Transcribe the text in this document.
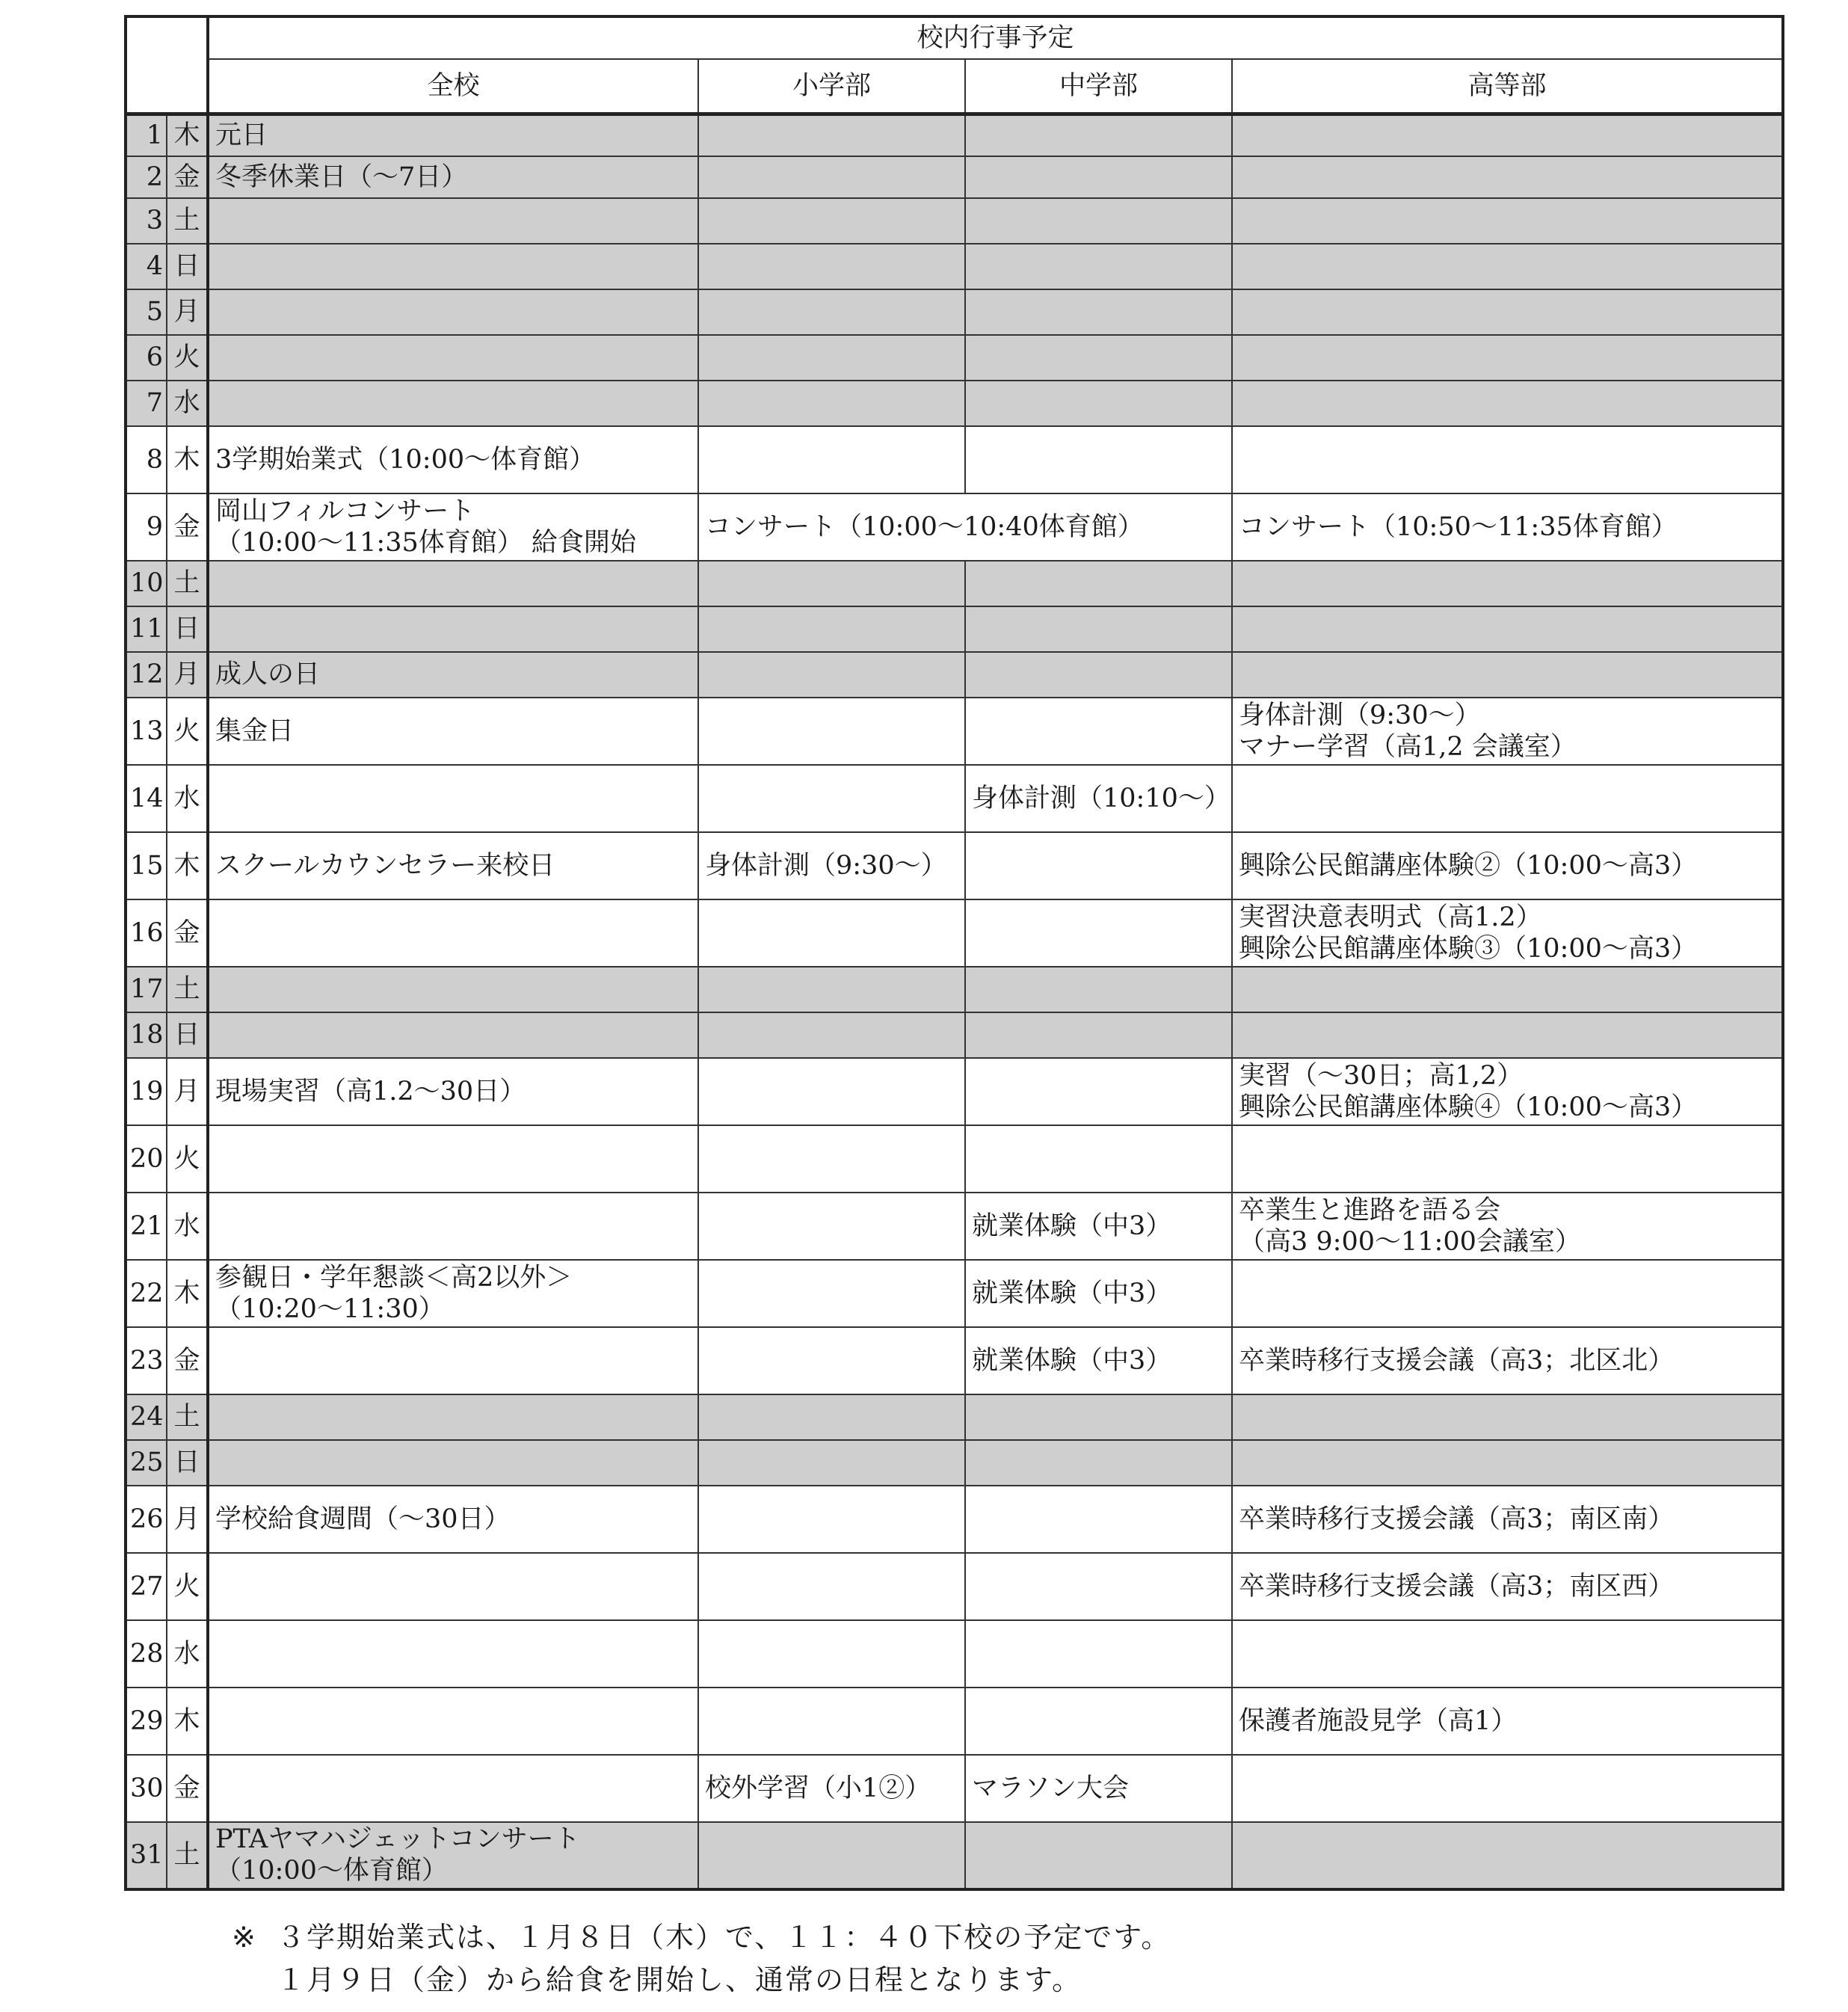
		校内行事予定			
		全校	小学部	中学部	高等部
1	木	元日			
2	金	冬季休業日（～7日）			
3	土				
4	日				
5	月				
6	火				
7	水				
8	木	3学期始業式（10:00～体育館）			
9	金	岡山フィルコンサート
（10:00～11:35体育館） 給食開始	コンサート（10:00～10:40体育館）		コンサート（10:50～11:35体育館）
10	土				
11	日				
12	月	成人の日			
13	火	集金日			身体計測（9:30～）
マナー学習（高1,2 会議室）
14	水			身体計測（10:10～）	
15	木	スクールカウンセラー来校日	身体計測（9:30～）		興除公民館講座体験②（10:00～高3）
16	金				実習決意表明式（高1.2）
興除公民館講座体験③（10:00～高3）
17	土				
18	日				
19	月	現場実習（高1.2～30日）			実習（～30日；高1,2）
興除公民館講座体験④（10:00～高3）
20	火				
21	水			就業体験（中3）	卒業生と進路を語る会
（高3 9:00～11:00会議室）
22	木	参観日・学年懇談＜高2以外＞
（10:20～11:30）		就業体験（中3）	
23	金			就業体験（中3）	卒業時移行支援会議（高3；北区北）
24	土				
25	日				
26	月	学校給食週間（～30日）			卒業時移行支援会議（高3；南区南）
27	火				卒業時移行支援会議（高3；南区西）
28	水				
29	木				保護者施設見学（高1）
30	金		校外学習（小1②）	マラソン大会	
31	土	PTAヤマハジェットコンサート
（10:00～体育館）			
※ ３学期始業式は、１月８日（木）で、１１：４０下校の予定です。
１月９日（金）から給食を開始し、通常の日程となります。
